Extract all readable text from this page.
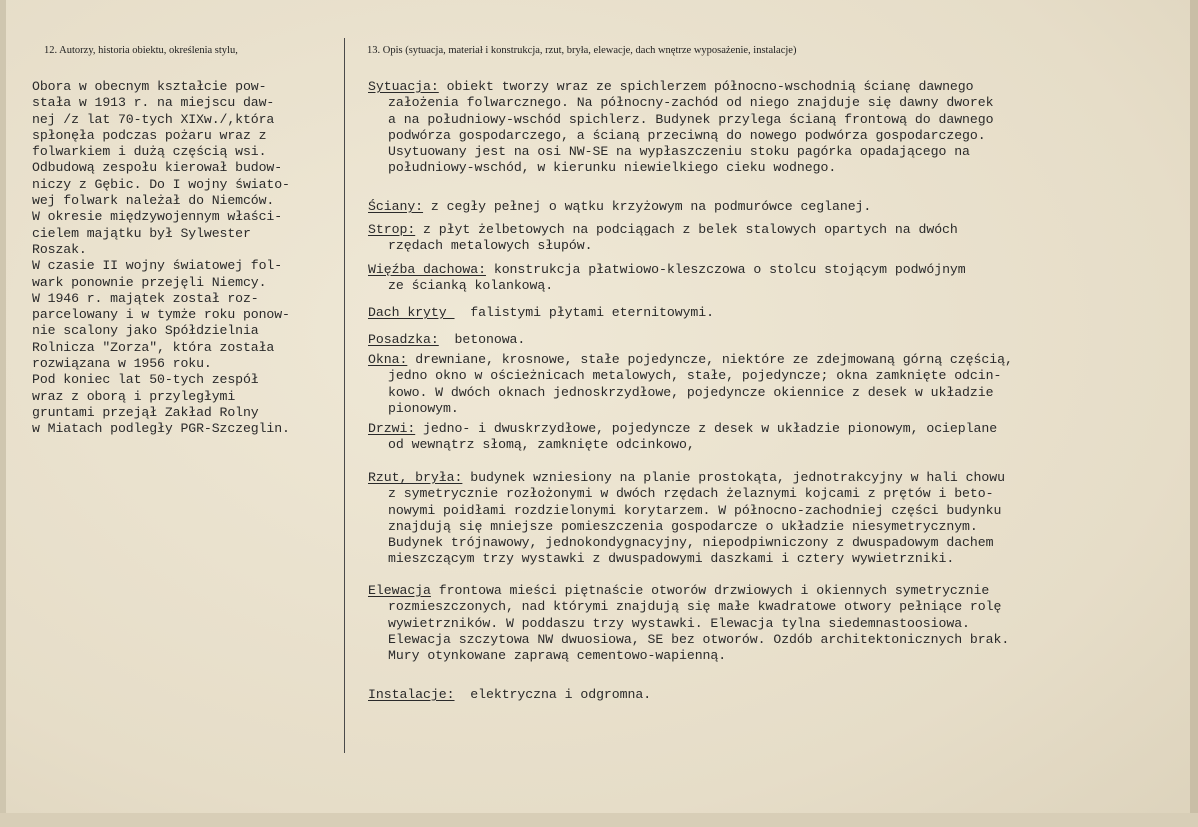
12. Autorzy, historia obiektu, określenia stylu,	13. Opis (sytuacja, materiał i konstrukcja, rzut, bryła, elewacje, dach wnętrze wyposażenie, instalacje)
Obora w obecnym kształcie pow-
stała w 1913 r. na miejscu daw-
nej /z lat 70-tych XIXw./,która
spłonęła podczas pożaru wraz z
folwarkiem i dużą częścią wsi.
Odbudową zespołu kierował budow-
niczy z Gębic. Do I wojny świato-
wej folwark należał do Niemców.
W okresie międzywojennym właści-
cielem majątku był Sylwester
Roszak.
W czasie II wojny światowej fol-
wark ponownie przejęli Niemcy.
W 1946 r. majątek został roz-
parcelowany i w tymże roku ponow-
nie scalony jako Spółdzielnia
Rolnicza "Zorza", która została
rozwiązana w 1956 roku.
Pod koniec lat 50-tych zespół
wraz z oborą i przyległymi
gruntami przejął Zakład Rolny
w Miatach podległy PGR-Szczeglin.
Sytuacja: obiekt tworzy wraz ze spichlerzem północno-wschodnią ścianę dawnego
założenia folwarcznego. Na północny-zachód od niego znajduje się dawny dworek
a na południowy-wschód spichlerz. Budynek przylega ścianą frontową do dawnego
podwórza gospodarczego, a ścianą przeciwną do nowego podwórza gospodarczego.
Usytuowany jest na osi NW-SE na wypłaszczeniu stoku pagórka opadającego na
południowy-wschód, w kierunku niewielkiego cieku wodnego.
Ściany: z cegły pełnej o wątku krzyżowym na podmurówce ceglanej.
Strop: z płyt żelbetowych na podciągach z belek stalowych opartych na dwóch
rzędach metalowych słupów.
Więźba dachowa: konstrukcja płatwiowo-kleszczowa o stolcu stojącym podwójnym
ze ścianką kolankową.
Dach kryty   falistymi płytami eternitowymi.
Posadzka:  betonowa.
Okna: drewniane, krosnowe, stałe pojedyncze, niektóre ze zdejmowaną górną częścią,
jedno okno w ościeżnicach metalowych, stałe, pojedyncze; okna zamknięte odcin-
kowo. W dwóch oknach jednoskrzydłowe, pojedyncze okiennice z desek w układzie
pionowym.
Drzwi: jedno- i dwuskrzydłowe, pojedyncze z desek w układzie pionowym, ocieplane
od wewnątrz słomą, zamknięte odcinkowo,
Rzut, bryła: budynek wzniesiony na planie prostokąta, jednotrakcyjny w hali chowu
z symetrycznie rozłożonymi w dwóch rzędach żelaznymi kojcami z prętów i beto-
nowymi poidłami rozdzielonymi korytarzem. W północno-zachodniej części budynku
znajdują się mniejsze pomieszczenia gospodarcze o układzie niesymetrycznym.
Budynek trójnawowy, jednokondygnacyjny, niepodpiwniczony z dwuspadowym dachem
mieszczącym trzy wystawki z dwuspadowymi daszkami i cztery wywietrzniki.
Elewacja frontowa mieści piętnaście otworów drzwiowych i okiennych symetrycznie
rozmieszczonych, nad którymi znajdują się małe kwadratowe otwory pełniące rolę
wywietrzników. W poddaszu trzy wystawki. Elewacja tylna siedemnastoosiowa.
Elewacja szczytowa NW dwuosiowa, SE bez otworów. Ozdób architektonicznych brak.
Mury otynkowane zaprawą cementowo-wapienną.
Instalacje:  elektryczna i odgromna.
